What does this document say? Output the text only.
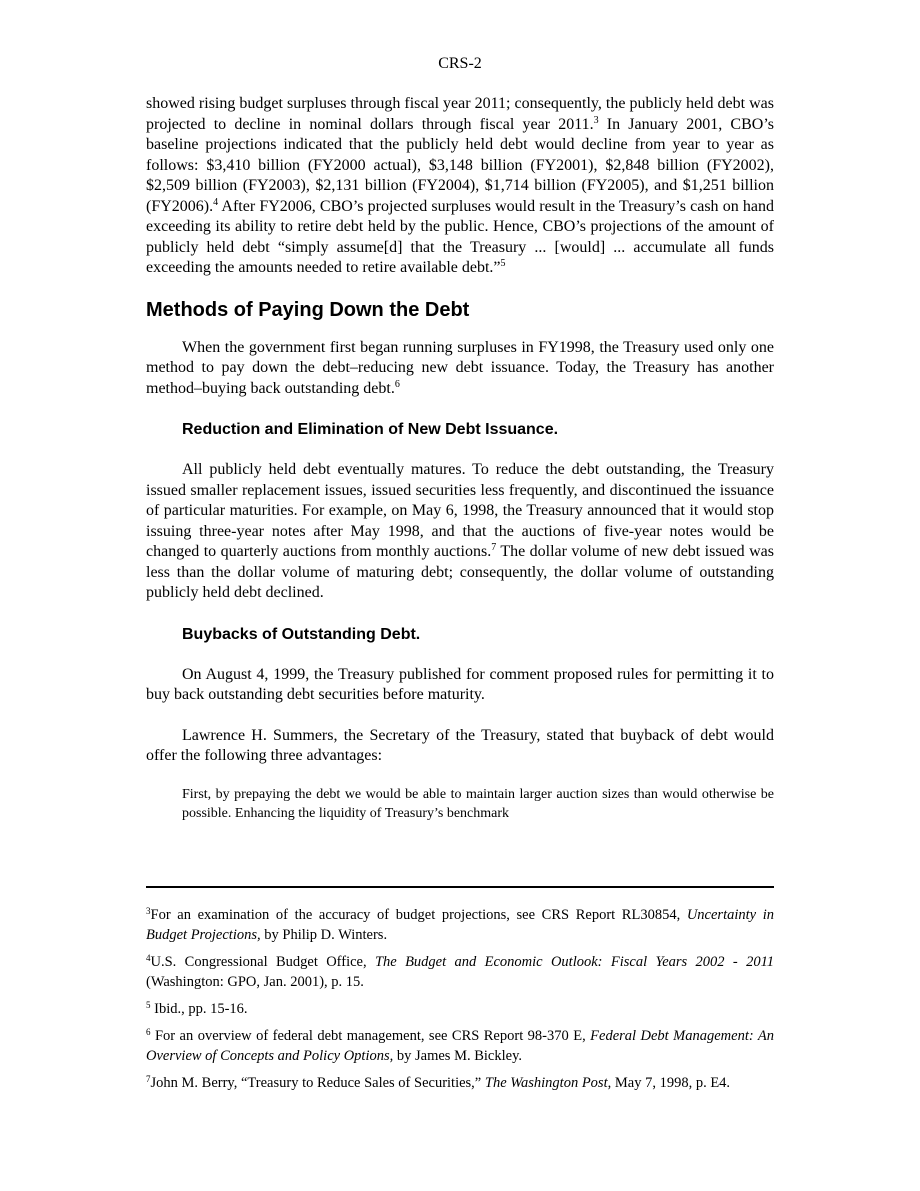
CRS-2

showed rising budget surpluses through fiscal year 2011; consequently, the publicly held debt was projected to decline in nominal dollars through fiscal year 2011.$^3$ In January 2001, CBO’s baseline projections indicated that the publicly held debt would decline from year to year as follows: $3,410 billion (FY2000 actual), $3,148 billion (FY2001), $2,848 billion (FY2002), $2,509 billion (FY2003), $2,131 billion (FY2004), $1,714 billion (FY2005), and $1,251 billion (FY2006).$^4$ After FY2006, CBO’s projected surpluses would result in the Treasury’s cash on hand exceeding its ability to retire debt held by the public. Hence, CBO’s projections of the amount of publicly held debt “simply assume[d] that the Treasury ... [would] ... accumulate all funds exceeding the amounts needed to retire available debt.”$^5$

Methods of Paying Down the Debt

When the government first began running surpluses in FY1998, the Treasury used only one method to pay down the debt–reducing new debt issuance. Today, the Treasury has another method–buying back outstanding debt.$^6$

Reduction and Elimination of New Debt Issuance.

All publicly held debt eventually matures. To reduce the debt outstanding, the Treasury issued smaller replacement issues, issued securities less frequently, and discontinued the issuance of particular maturities. For example, on May 6, 1998, the Treasury announced that it would stop issuing three-year notes after May 1998, and that the auctions of five-year notes would be changed to quarterly auctions from monthly auctions.$^7$ The dollar volume of new debt issued was less than the dollar volume of maturing debt; consequently, the dollar volume of outstanding publicly held debt declined.

Buybacks of Outstanding Debt.

On August 4, 1999, the Treasury published for comment proposed rules for permitting it to buy back outstanding debt securities before maturity.

Lawrence H. Summers, the Secretary of the Treasury, stated that buyback of debt would offer the following three advantages:

First, by prepaying the debt we would be able to maintain larger auction sizes than would otherwise be possible. Enhancing the liquidity of Treasury’s benchmark

$^3$For an examination of the accuracy of budget projections, see CRS Report RL30854, Uncertainty in Budget Projections, by Philip D. Winters.

$^4$U.S. Congressional Budget Office, The Budget and Economic Outlook: Fiscal Years 2002 - 2011 (Washington: GPO, Jan. 2001), p. 15.

$^5$ Ibid., pp. 15-16.

$^6$ For an overview of federal debt management, see CRS Report 98-370 E, Federal Debt Management: An Overview of Concepts and Policy Options, by James M. Bickley.

$^7$John M. Berry, “Treasury to Reduce Sales of Securities,” The Washington Post, May 7, 1998, p. E4.
